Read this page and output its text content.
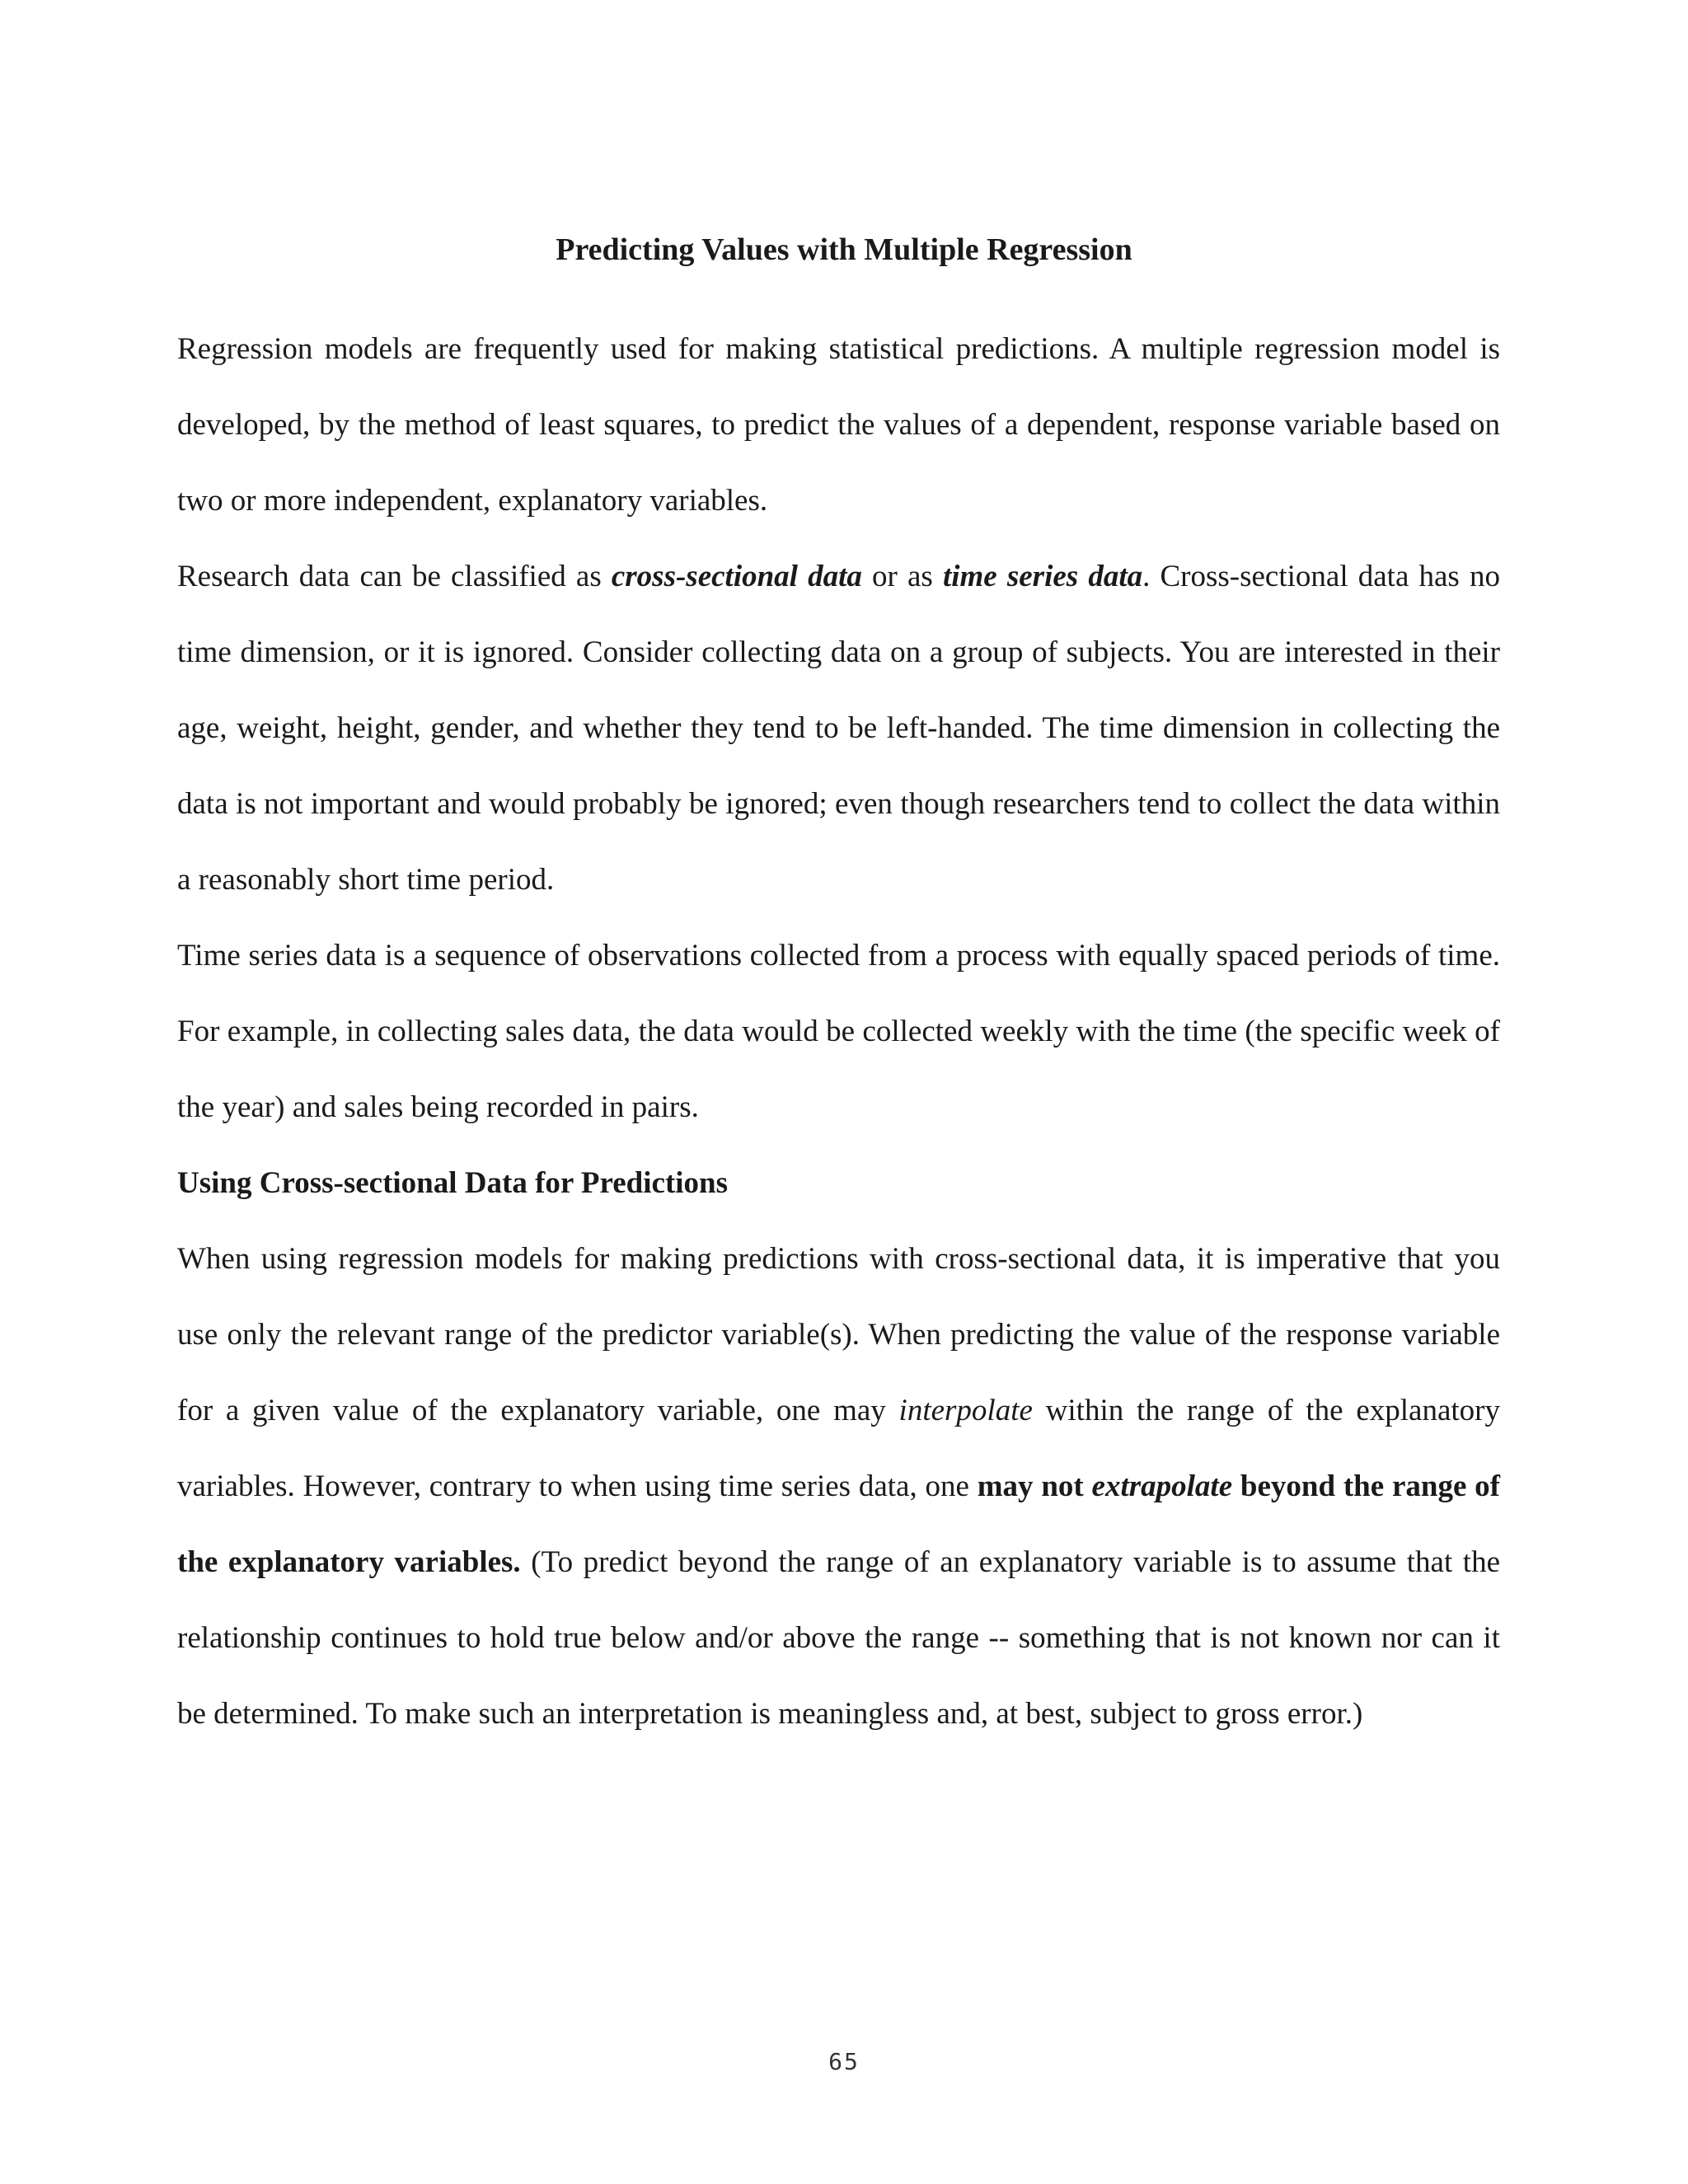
Predicting Values with Multiple Regression

Regression models are frequently used for making statistical predictions. A multiple regression model is developed, by the method of least squares, to predict the values of a dependent, response variable based on two or more independent, explanatory variables.

Research data can be classified as cross-sectional data or as time series data. Cross-sectional data has no time dimension, or it is ignored. Consider collecting data on a group of subjects. You are interested in their age, weight, height, gender, and whether they tend to be left-handed. The time dimension in collecting the data is not important and would probably be ignored; even though researchers tend to collect the data within a reasonably short time period.

Time series data is a sequence of observations collected from a process with equally spaced periods of time. For example, in collecting sales data, the data would be collected weekly with the time (the specific week of the year) and sales being recorded in pairs.

Using Cross-sectional Data for Predictions

When using regression models for making predictions with cross-sectional data, it is imperative that you use only the relevant range of the predictor variable(s). When predicting the value of the response variable for a given value of the explanatory variable, one may interpolate within the range of the explanatory variables. However, contrary to when using time series data, one may not extrapolate beyond the range of the explanatory variables. (To predict beyond the range of an explanatory variable is to assume that the relationship continues to hold true below and/or above the range -- something that is not known nor can it be determined. To make such an interpretation is meaningless and, at best, subject to gross error.)

65
